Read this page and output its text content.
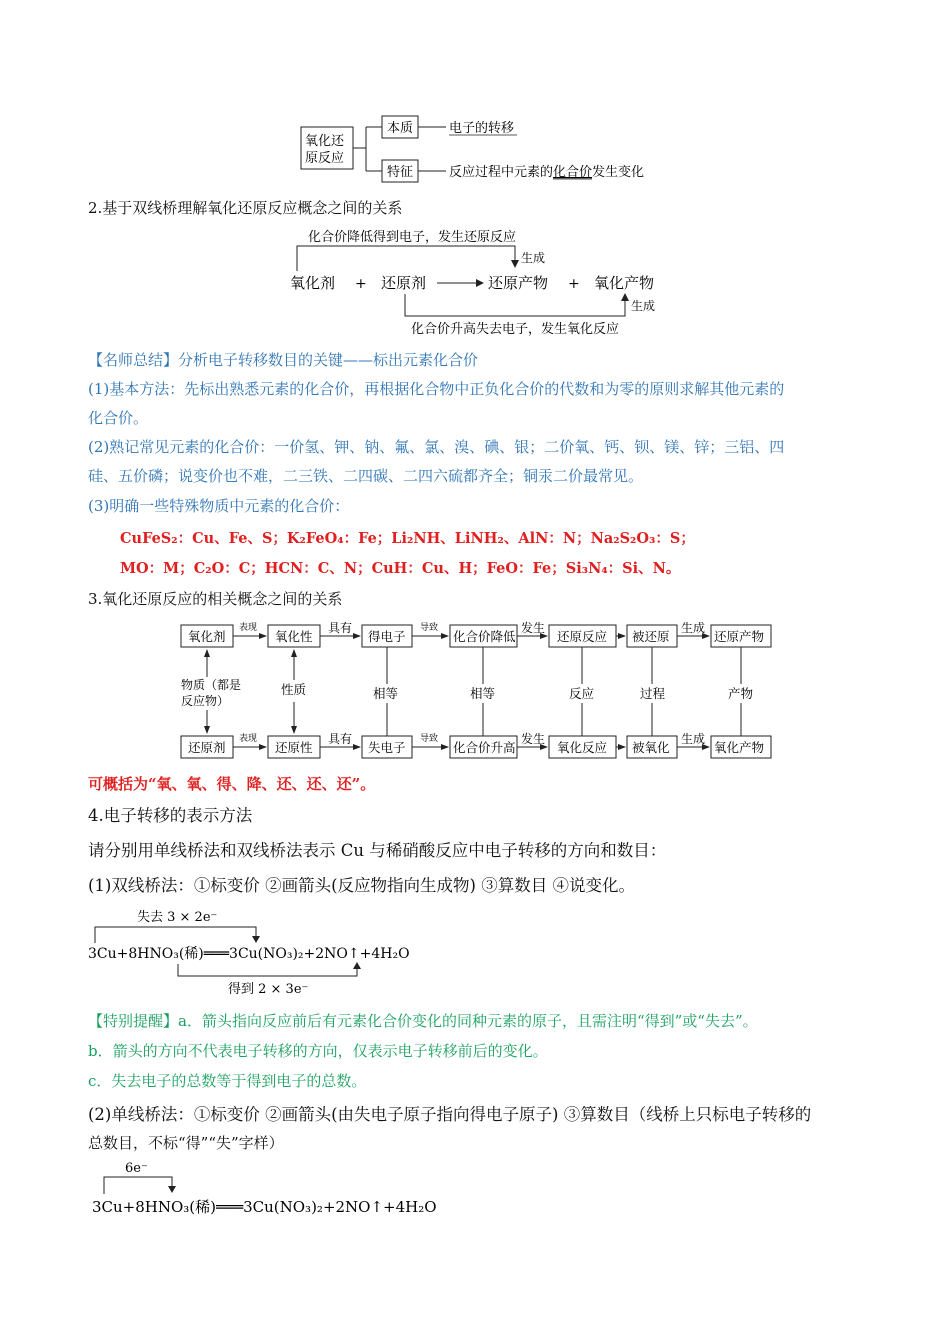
氧化还
原反应
本质
特征
电子的转移
反应过程中元素的化合价发生变化
2.基于双线桥理解氧化还原反应概念之间的关系
化合价降低得到电子，发生还原反应
生成
氧化剂 + 还原剂	还原产物 + 氧化产物
生成
化合价升高失去电子，发生氧化反应
【名师总结】分析电子转移数目的关键——标出元素化合价
(1)基本方法：先标出熟悉元素的化合价，再根据化合物中正负化合价的代数和为零的原则求解其他元素的
化合价。
(2)熟记常见元素的化合价：一价氢、钾、钠、氟、氯、溴、碘、银；二价氧、钙、钡、镁、锌；三铝、四
硅、五价磷；说变价也不难，二三铁、二四碳、二四六硫都齐全；铜汞二价最常见。
(3)明确一些特殊物质中元素的化合价：
CuFeS₂：Cu、Fe、S；K₂FeO₄：Fe；Li₂NH、LiNH₂、AlN：N；Na₂S₂O₃：S；
MO：M；C₂O：C；HCN：C、N；CuH：Cu、H；FeO：Fe；Si₃N₄：Si、N。
3.氧化还原反应的相关概念之间的关系
氧化剂	氧化性	得电子	化合价降低	还原反应 被还原	还原产物
表现	具有	导致	发生	生成
物质（都是
反应物）
性质	相等	相等	反应	过程	产物
还原剂	还原性	失电子	化合价升高	氧化反应 被氧化	氧化产物
表现	具有	导致	发生	生成
可概括为“氧、氧、得、降、还、还、还”。
4.电子转移的表示方法
请分别用单线桥法和双线桥法表示 Cu 与稀硝酸反应中电子转移的方向和数目：
(1)双线桥法：①标变价 ②画箭头(反应物指向生成物) ③算数目 ④说变化。
失去 3 × 2e⁻
3Cu+8HNO₃(稀)═══3Cu(NO₃)₂+2NO↑+4H₂O
得到 2 × 3e⁻
【特别提醒】a．箭头指向反应前后有元素化合价变化的同种元素的原子，且需注明“得到”或“失去”。
b．箭头的方向不代表电子转移的方向，仅表示电子转移前后的变化。
c．失去电子的总数等于得到电子的总数。
(2)单线桥法：①标变价 ②画箭头(由失电子原子指向得电子原子) ③算数目（线桥上只标电子转移的
总数目，不标“得”“失”字样）
6e⁻
3Cu+8HNO₃(稀)═══3Cu(NO₃)₂+2NO↑+4H₂O
